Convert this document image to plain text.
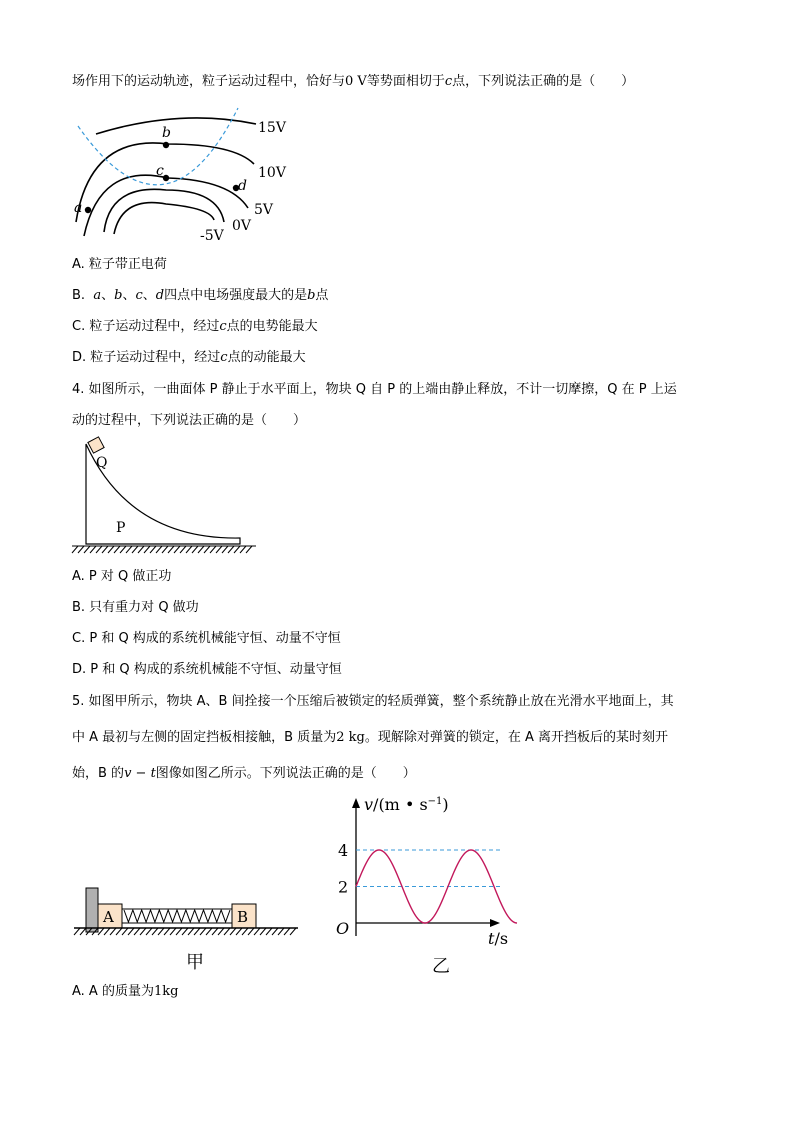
场作用下的运动轨迹，粒子运动过程中，恰好与0 V等势面相切于c点，下列说法正确的是（　　）
15V
10V
5V
0V
-5V
a
b
c
d
A. 粒子带正电荷
B. a、b、c、d四点中电场强度最大的是b点
C. 粒子运动过程中，经过c点的电势能最大
D. 粒子运动过程中，经过c点的动能最大
4. 如图所示，一曲面体 P 静止于水平面上，物块 Q 自 P 的上端由静止释放，不计一切摩擦，Q 在 P 上运
动的过程中，下列说法正确的是（　　）
Q
P
A. P 对 Q 做正功
B. 只有重力对 Q 做功
C. P 和 Q 构成的系统机械能守恒、动量不守恒
D. P 和 Q 构成的系统机械能不守恒、动量守恒
5. 如图甲所示，物块 A、B 间拴接一个压缩后被锁定的轻质弹簧，整个系统静止放在光滑水平地面上，其
中 A 最初与左侧的固定挡板相接触，B 质量为2 kg。现解除对弹簧的锁定，在 A 离开挡板后的某时刻开
始，B 的v − t图像如图乙所示。下列说法正确的是（　　）
A	B
甲
4
2
O
v/(m • $s^{-1}$)
t/s
乙
A. A 的质量为1kg
